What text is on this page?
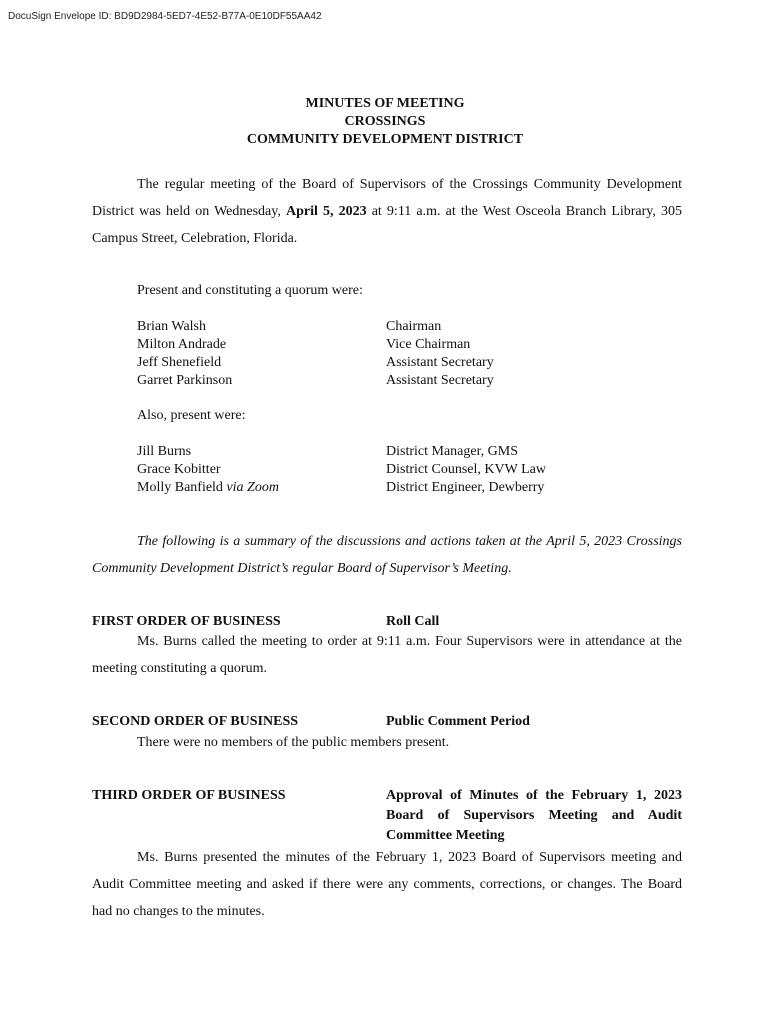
DocuSign Envelope ID: BD9D2984-5ED7-4E52-B77A-0E10DF55AA42
MINUTES OF MEETING
CROSSINGS
COMMUNITY DEVELOPMENT DISTRICT
The regular meeting of the Board of Supervisors of the Crossings Community Development District was held on Wednesday, April 5, 2023 at 9:11 a.m. at the West Osceola Branch Library, 305 Campus Street, Celebration, Florida.
Present and constituting a quorum were:
Brian Walsh	Chairman
Milton Andrade	Vice Chairman
Jeff Shenefield	Assistant Secretary
Garret Parkinson	Assistant Secretary
Also, present were:
Jill Burns	District Manager, GMS
Grace Kobitter	District Counsel, KVW Law
Molly Banfield via Zoom	District Engineer, Dewberry
The following is a summary of the discussions and actions taken at the April 5, 2023 Crossings Community Development District’s regular Board of Supervisor’s Meeting.
FIRST ORDER OF BUSINESS	Roll Call
Ms. Burns called the meeting to order at 9:11 a.m. Four Supervisors were in attendance at the meeting constituting a quorum.
SECOND ORDER OF BUSINESS	Public Comment Period
There were no members of the public members present.
THIRD ORDER OF BUSINESS	Approval of Minutes of the February 1, 2023 Board of Supervisors Meeting and Audit Committee Meeting
Ms. Burns presented the minutes of the February 1, 2023 Board of Supervisors meeting and Audit Committee meeting and asked if there were any comments, corrections, or changes. The Board had no changes to the minutes.
